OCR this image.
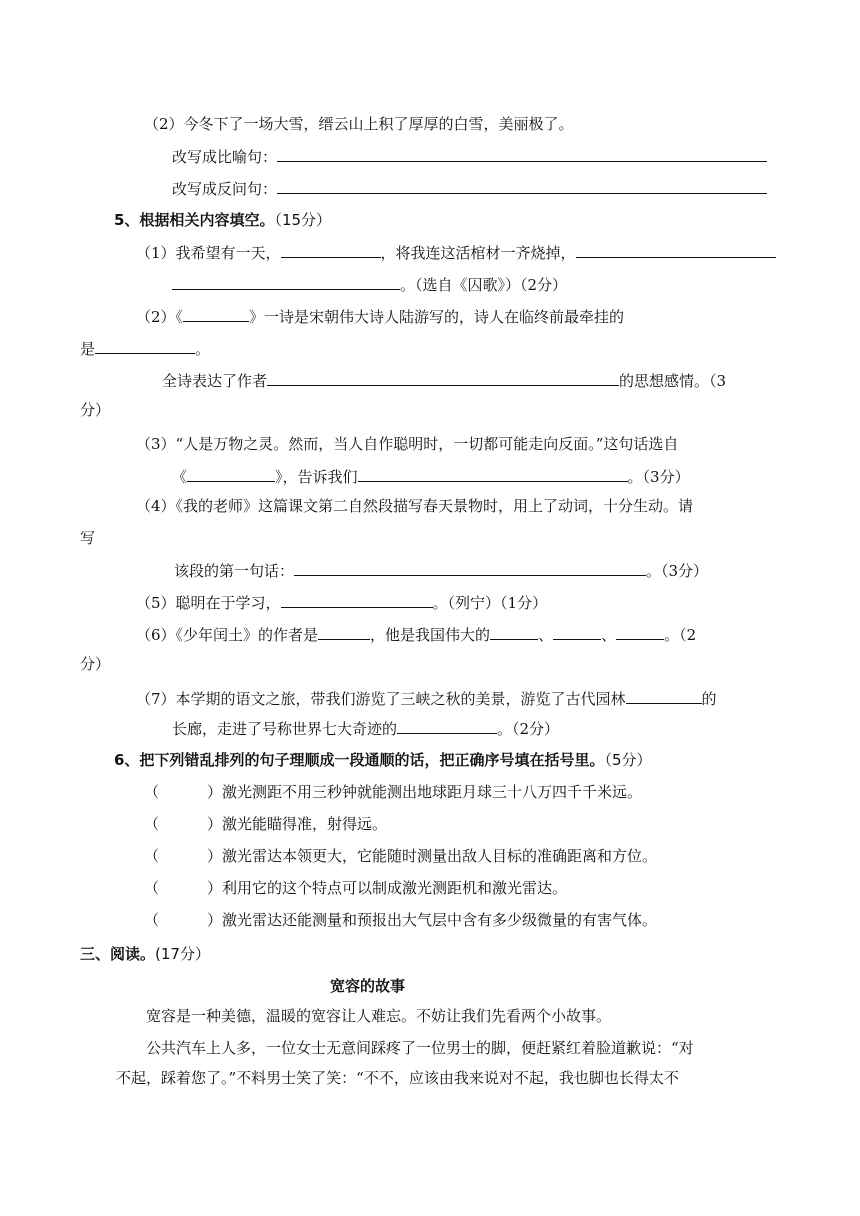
（2）今冬下了一场大雪，缙云山上积了厚厚的白雪，美丽极了。
改写成比喻句：
改写成反问句：
5、根据相关内容填空。（15分）
（1）我希望有一天，	，将我连这活棺材一齐烧掉，
。（选自《囚歌》）（2分）
（2）《	》一诗是宋朝伟大诗人陆游写的，诗人在临终前最牵挂的
是	。
全诗表达了作者	的思想感情。（3
分）
（3）“人是万物之灵。然而，当人自作聪明时，一切都可能走向反面。”这句话选自
《	》，告诉我们	。（3分）
（4）《我的老师》这篇课文第二自然段描写春天景物时，用上了动词，十分生动。请
写
该段的第一句话：	。（3分）
（5）聪明在于学习，	。（列宁）（1分）
（6）《少年闰土》的作者是	，他是我国伟大的	、	、	。（2
分）
（7）本学期的语文之旅，带我们游览了三峡之秋的美景，游览了古代园林	的
长廊，走进了号称世界七大奇迹的	。（2分）
6、把下列错乱排列的句子理顺成一段通顺的话，把正确序号填在括号里。（5分）
（	）激光测距不用三秒钟就能测出地球距月球三十八万四千千米远。
（	）激光能瞄得准，射得远。
（	）激光雷达本领更大，它能随时测量出敌人目标的准确距离和方位。
（	）利用它的这个特点可以制成激光测距机和激光雷达。
（	）激光雷达还能测量和预报出大气层中含有多少级微量的有害气体。
三、阅读。(17分）
宽容的故事
宽容是一种美德，温暖的宽容让人难忘。不妨让我们先看两个小故事。
公共汽车上人多，一位女士无意间踩疼了一位男士的脚，便赶紧红着脸道歉说：“对
不起，踩着您了。”不料男士笑了笑：“不不，应该由我来说对不起，我也脚也长得太不
